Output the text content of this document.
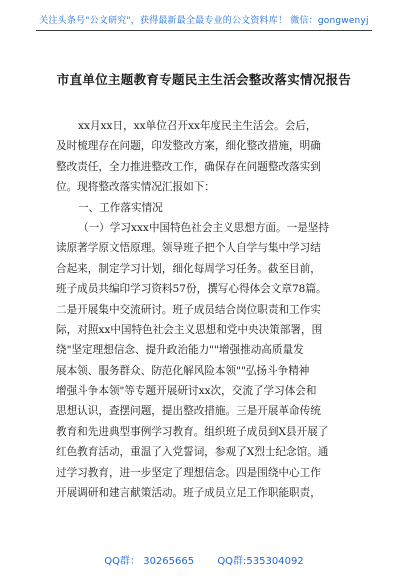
关注头条号"公文研究"，获得最新最全最专业的公文资料库！ 微信：gongwenyj
市直单位主题教育专题民主生活会整改落实情况报告
xx月xx日，xx单位召开xx年度民主生活会。会后，
及时梳理存在问题，印发整改方案，细化整改措施，明确
整改责任，全力推进整改工作，确保存在问题整改落实到
位。现将整改落实情况汇报如下：
一、工作落实情况
（一）学习xxx中国特色社会主义思想方面。一是坚持
读原著学原文悟原理。领导班子把个人自学与集中学习结
合起来，制定学习计划，细化每周学习任务。截至目前，
班子成员共编印学习资料57份，撰写心得体会文章78篇。
二是开展集中交流研讨。班子成员结合岗位职责和工作实
际，对照xx中国特色社会主义思想和党中央决策部署，围
绕"坚定理想信念、提升政治能力""增强推动高质量发
展本领、服务群众、防范化解风险本领""弘扬斗争精神
增强斗争本领"等专题开展研讨xx次，交流了学习体会和
思想认识，查摆问题，提出整改措施。三是开展革命传统
教育和先进典型事例学习教育。组织班子成员到X县开展了
红色教育活动，重温了入党誓词，参观了X烈士纪念馆。通
过学习教育，进一步坚定了理想信念。四是围绕中心工作
开展调研和建言献策活动。班子成员立足工作职能职责，
QQ群： 30265665 QQ群:535304092
